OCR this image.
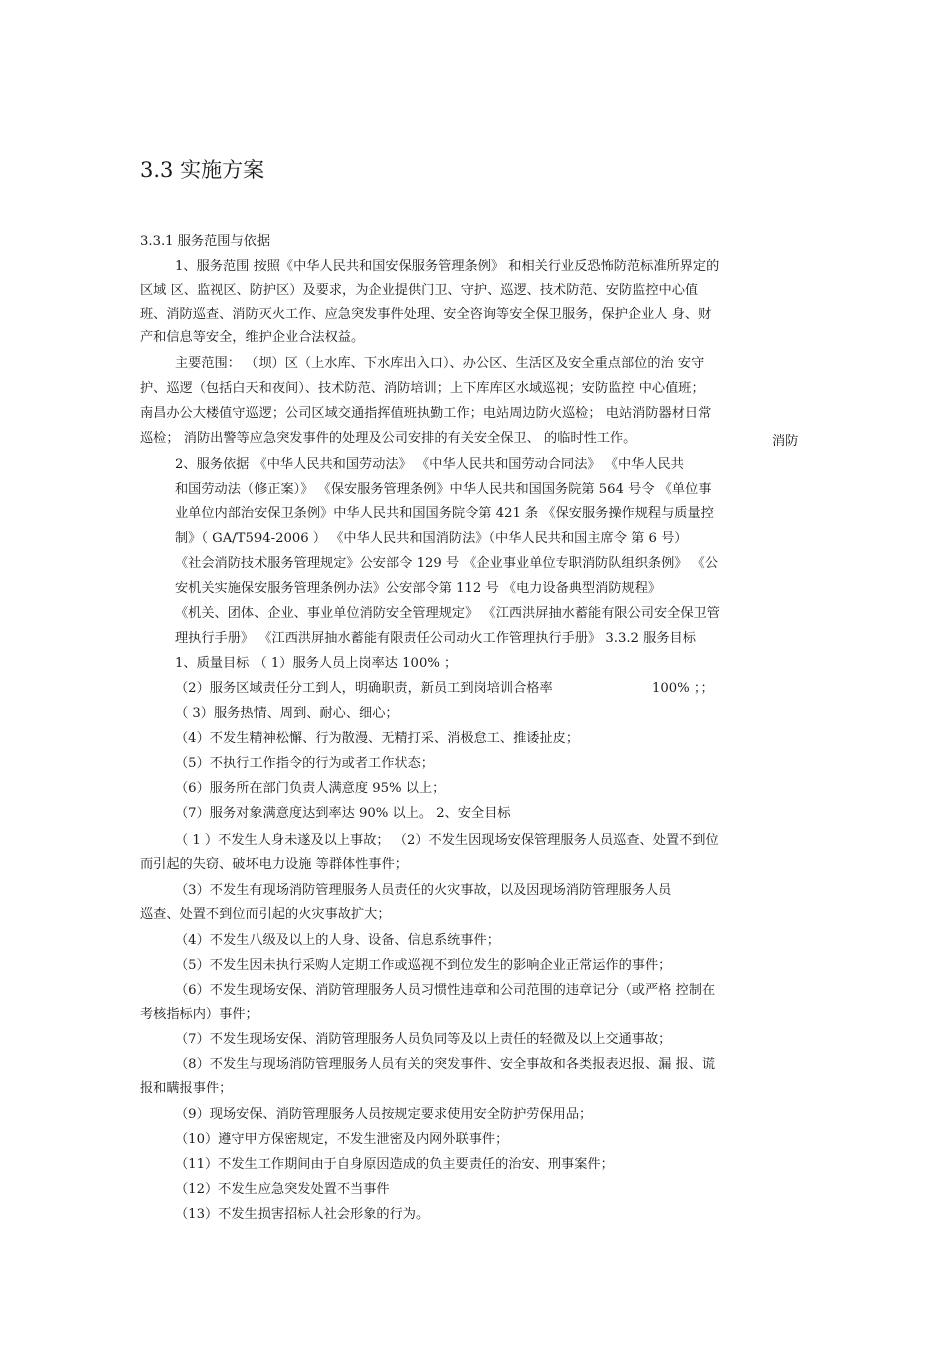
3.3 实施方案
3.3.1 服务范围与依据
1、服务范围 按照《中华人民共和国安保服务管理条例》 和相关行业反恐怖防范标准所界定的
区域 区、监视区、防护区）及要求，为企业提供门卫、守护、巡逻、技术防范、安防监控中心值
班、消防巡查、消防灭火工作、应急突发事件处理、安全咨询等安全保卫服务，保护企业人 身、财
产和信息等安全，维护企业合法权益。
主要范围： （坝）区（上水库、下水库出入口）、办公区、生活区及安全重点部位的治 安守
护、巡逻（包括白天和夜间）、技术防范、消防培训；上下库库区水域巡视；安防监控 中心值班；
南昌办公大楼值守巡逻；公司区域交通指挥值班执勤工作；电站周边防火巡检； 电站消防器材日常
巡检； 消防出警等应急突发事件的处理及公司安排的有关安全保卫、 的临时性工作。	消防
2、服务依据 《中华人民共和国劳动法》 《中华人民共和国劳动合同法》 《中华人民共
和国劳动法（修正案）》 《保安服务管理条例》中华人民共和国国务院第 564 号令 《单位事
业单位内部治安保卫条例》中华人民共和国国务院令第 421 条 《保安服务操作规程与质量控
制》（ GA/T594-2006 ） 《中华人民共和国消防法》（中华人民共和国主席令 第 6 号）
《社会消防技术服务管理规定》公安部令 129 号 《企业事业单位专职消防队组织条例》 《公
安机关实施保安服务管理条例办法》公安部令第 112 号 《电力设备典型消防规程》
《机关、团体、企业、事业单位消防安全管理规定》 《江西洪屏抽水蓄能有限公司安全保卫管
理执行手册》 《江西洪屏抽水蓄能有限责任公司动火工作管理执行手册》 3.3.2 服务目标
1、质量目标 （ 1）服务人员上岗率达 100% ；
（2）服务区域责任分工到人，明确职责，新员工到岗培训合格率	100% ；；
（ 3）服务热情、周到、耐心、细心；
（4）不发生精神松懈、行为散漫、无精打采、消极怠工、推诿扯皮；
（5）不执行工作指令的行为或者工作状态；
（6）服务所在部门负责人满意度 95% 以上；
（7）服务对象满意度达到率达 90% 以上。 2、安全目标
（ 1 ）不发生人身未遂及以上事故； （2）不发生因现场安保管理服务人员巡查、处置不到位
而引起的失窃、破坏电力设施 等群体性事件；
（3）不发生有现场消防管理服务人员责任的火灾事故，以及因现场消防管理服务人员
巡查、处置不到位而引起的火灾事故扩大；
（4）不发生八级及以上的人身、设备、信息系统事件；
（5）不发生因未执行采购人定期工作或巡视不到位发生的影响企业正常运作的事件；
（6）不发生现场安保、消防管理服务人员习惯性违章和公司范围的违章记分（或严格 控制在
考核指标内）事件；
（7）不发生现场安保、消防管理服务人员负同等及以上责任的轻微及以上交通事故；
（8）不发生与现场消防管理服务人员有关的突发事件、安全事故和各类报表迟报、漏 报、谎
报和瞒报事件；
（9）现场安保、消防管理服务人员按规定要求使用安全防护劳保用品；
（10）遵守甲方保密规定，不发生泄密及内网外联事件；
（11）不发生工作期间由于自身原因造成的负主要责任的治安、刑事案件；
（12）不发生应急突发处置不当事件
（13）不发生损害招标人社会形象的行为。
